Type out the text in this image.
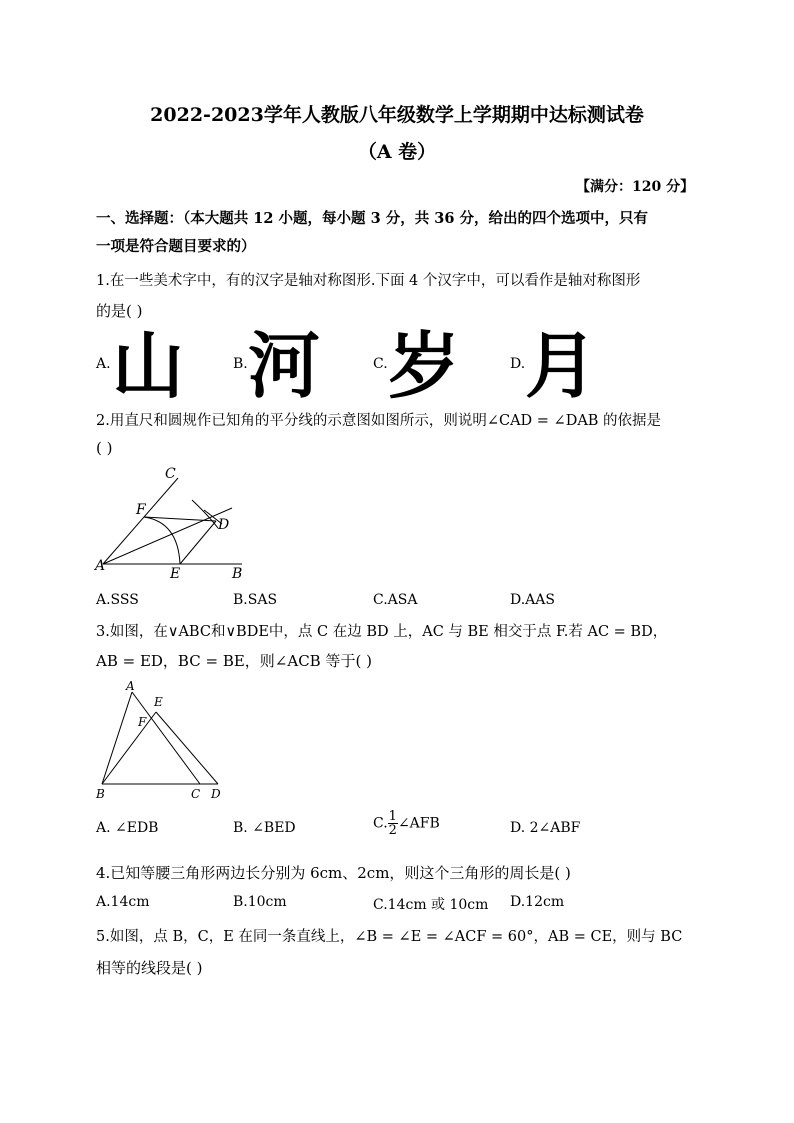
2022-2023学年人教版八年级数学上学期期中达标测试卷
（A 卷）
【满分：120 分】
一、选择题：（本大题共 12 小题，每小题 3 分，共 36 分，给出的四个选项中，只有
一项是符合题目要求的）
1.在一些美术字中，有的汉字是轴对称图形.下面 4 个汉字中，可以看作是轴对称图形
的是( )
A. 山	B. 河	C. 岁	D. 月
2.用直尺和圆规作已知角的平分线的示意图如图所示，则说明∠CAD = ∠DAB 的依据是
( )
C
F
D
A	E	B
A.SSS	B.SAS	C.ASA	D.AAS
3.如图，在∨ABC和∨BDE中，点 C 在边 BD 上，AC 与 BE 相交于点 F.若 AC = BD，
AB = ED，BC = BE，则∠ACB 等于( )
A
E
F
B	C D
A. ∠EDB	B. ∠BED	C. $\frac{1}{2}$ ∠AFB	D. 2∠ABF
4.已知等腰三角形两边长分别为 6cm、2cm，则这个三角形的周长是( )
A.14cm	B.10cm	C.14cm 或 10cm D.12cm
5.如图，点 B，C，E 在同一条直线上，∠B = ∠E = ∠ACF = 60°，AB = CE，则与 BC
相等的线段是( )
